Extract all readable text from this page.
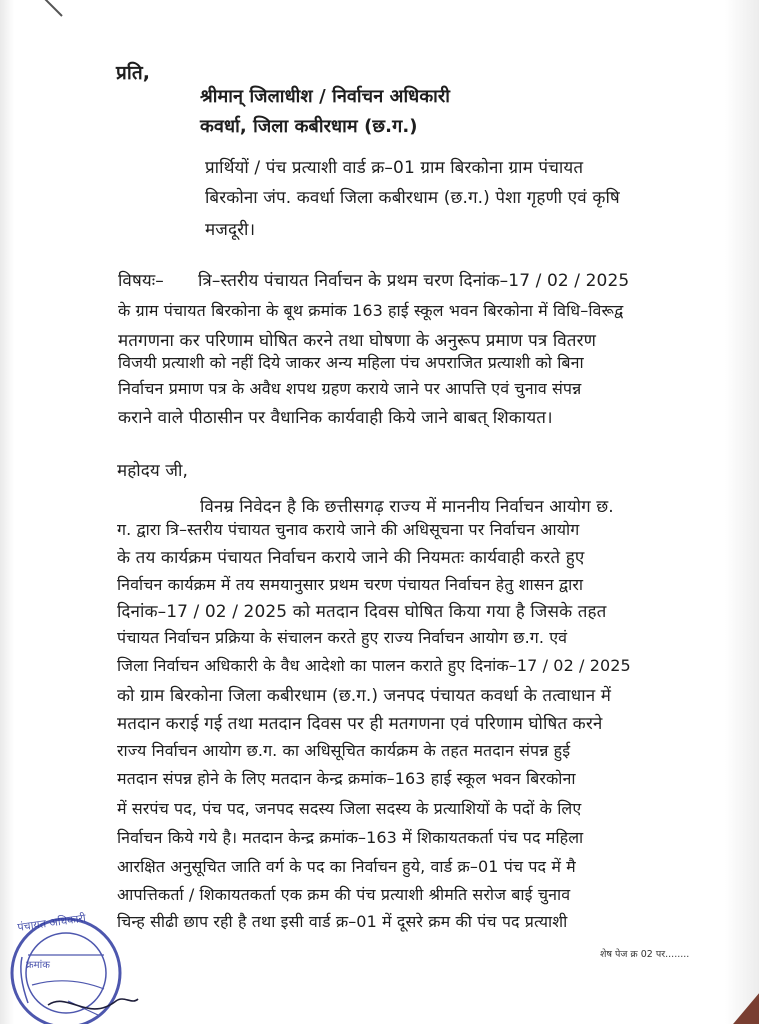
प्रति,
श्रीमान् जिलाधीश / निर्वाचन अधिकारी
कवर्धा, जिला कबीरधाम (छ.ग.)
प्रार्थियों / पंच प्रत्याशी वार्ड क्र–01 ग्राम बिरकोना ग्राम पंचायत
बिरकोना जंप. कवर्धा जिला कबीरधाम (छ.ग.) पेशा गृहणी एवं कृषि
मजदूरी।
विषयः– त्रि–स्तरीय पंचायत निर्वाचन के प्रथम चरण दिनांक–17 / 02 / 2025
के ग्राम पंचायत बिरकोना के बूथ क्रमांक 163 हाई स्कूल भवन बिरकोना में विधि–विरूद्व
मतगणना कर परिणाम घोषित करने तथा घोषणा के अनुरूप प्रमाण पत्र वितरण
विजयी प्रत्याशी को नहीं दिये जाकर अन्य महिला पंच अपराजित प्रत्याशी को बिना
निर्वाचन प्रमाण पत्र के अवैध शपथ ग्रहण कराये जाने पर आपत्ति एवं चुनाव संपन्न
कराने वाले पीठासीन पर वैधानिक कार्यवाही किये जाने बाबत् शिकायत।
महोदय जी,
विनम्र निवेदन है कि छत्तीसगढ़ राज्य में माननीय निर्वाचन आयोग छ.
ग. द्वारा त्रि–स्तरीय पंचायत चुनाव कराये जाने की अधिसूचना पर निर्वाचन आयोग
के तय कार्यक्रम पंचायत निर्वाचन कराये जाने की नियमतः कार्यवाही करते हुए
निर्वाचन कार्यक्रम में तय समयानुसार प्रथम चरण पंचायत निर्वाचन हेतु शासन द्वारा
दिनांक–17 / 02 / 2025 को मतदान दिवस घोषित किया गया है जिसके तहत
पंचायत निर्वाचन प्रक्रिया के संचालन करते हुए राज्य निर्वाचन आयोग छ.ग. एवं
जिला निर्वाचन अधिकारी के वैध आदेशो का पालन कराते हुए दिनांक–17 / 02 / 2025
को ग्राम बिरकोना जिला कबीरधाम (छ.ग.) जनपद पंचायत कवर्धा के तत्वाधान में
मतदान कराई गई तथा मतदान दिवस पर ही मतगणना एवं परिणाम घोषित करने
राज्य निर्वाचन आयोग छ.ग. का अधिसूचित कार्यक्रम के तहत मतदान संपन्न हुई
मतदान संपन्न होने के लिए मतदान केन्द्र क्रमांक–163 हाई स्कूल भवन बिरकोना
में सरपंच पद, पंच पद, जनपद सदस्य जिला सदस्य के प्रत्याशियों के पदों के लिए
निर्वाचन किये गये है। मतदान केन्द्र क्रमांक–163 में शिकायतकर्ता पंच पद महिला
आरक्षित अनुसूचित जाति वर्ग के पद का निर्वाचन हुये, वार्ड क्र–01 पंच पद में मै
आपत्तिकर्ता / शिकायतकर्ता एक क्रम की पंच प्रत्याशी श्रीमति सरोज बाई चुनाव
चिन्ह सीढी छाप रही है तथा इसी वार्ड क्र–01 में दूसरे क्रम की पंच पद प्रत्याशी
शेष पेज क्र 02 पर........
पंचायत अधिकारी
क्रमांक
